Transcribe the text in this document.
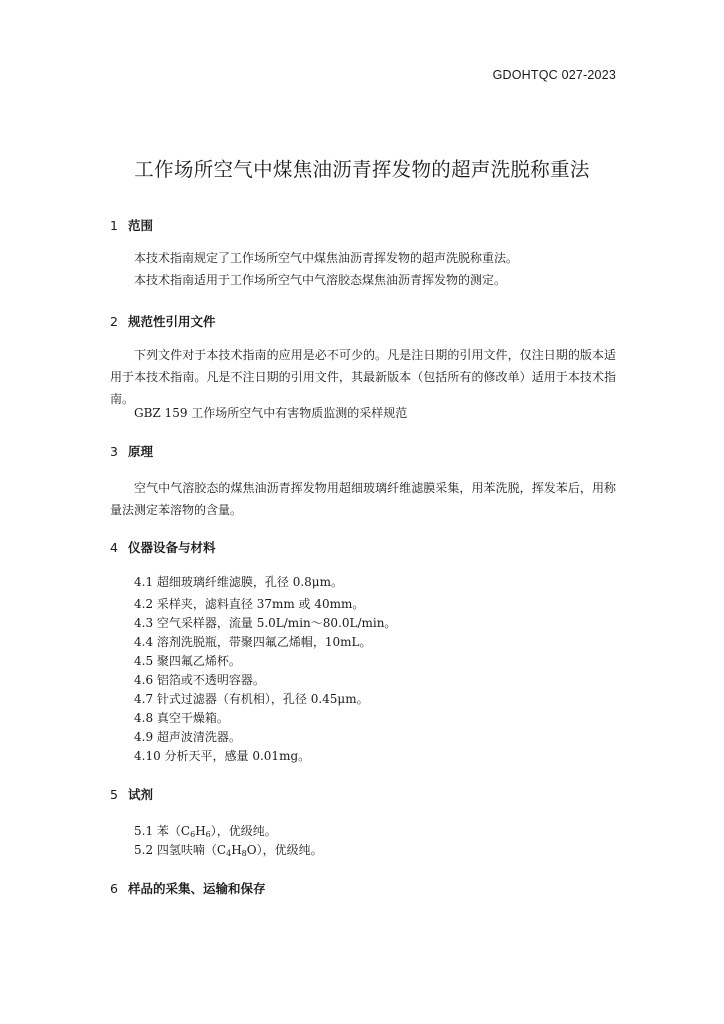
GDOHTQC 027-2023
工作场所空气中煤焦油沥青挥发物的超声洗脱称重法
1 范围
本技术指南规定了工作场所空气中煤焦油沥青挥发物的超声洗脱称重法。
本技术指南适用于工作场所空气中气溶胶态煤焦油沥青挥发物的测定。
2 规范性引用文件
下列文件对于本技术指南的应用是必不可少的。凡是注日期的引用文件，仅注日期的版本适用于本技术指南。凡是不注日期的引用文件，其最新版本（包括所有的修改单）适用于本技术指南。
GBZ 159 工作场所空气中有害物质监测的采样规范
3 原理
空气中气溶胶态的煤焦油沥青挥发物用超细玻璃纤维滤膜采集，用苯洗脱，挥发苯后，用称量法测定苯溶物的含量。
4 仪器设备与材料
4.1 超细玻璃纤维滤膜，孔径 0.8μm。
4.2 采样夹，滤料直径 37mm 或 40mm。
4.3 空气采样器，流量 5.0L/min～80.0L/min。
4.4 溶剂洗脱瓶，带聚四氟乙烯帽，10mL。
4.5 聚四氟乙烯杯。
4.6 铝箔或不透明容器。
4.7 针式过滤器（有机相），孔径 0.45μm。
4.8 真空干燥箱。
4.9 超声波清洗器。
4.10 分析天平，感量 0.01mg。
5 试剂
5.1 苯$(C_6H_6)$，优级纯。
5.2 四氢呋喃$(C_4H_8O)$，优级纯。
6 样品的采集、运输和保存
